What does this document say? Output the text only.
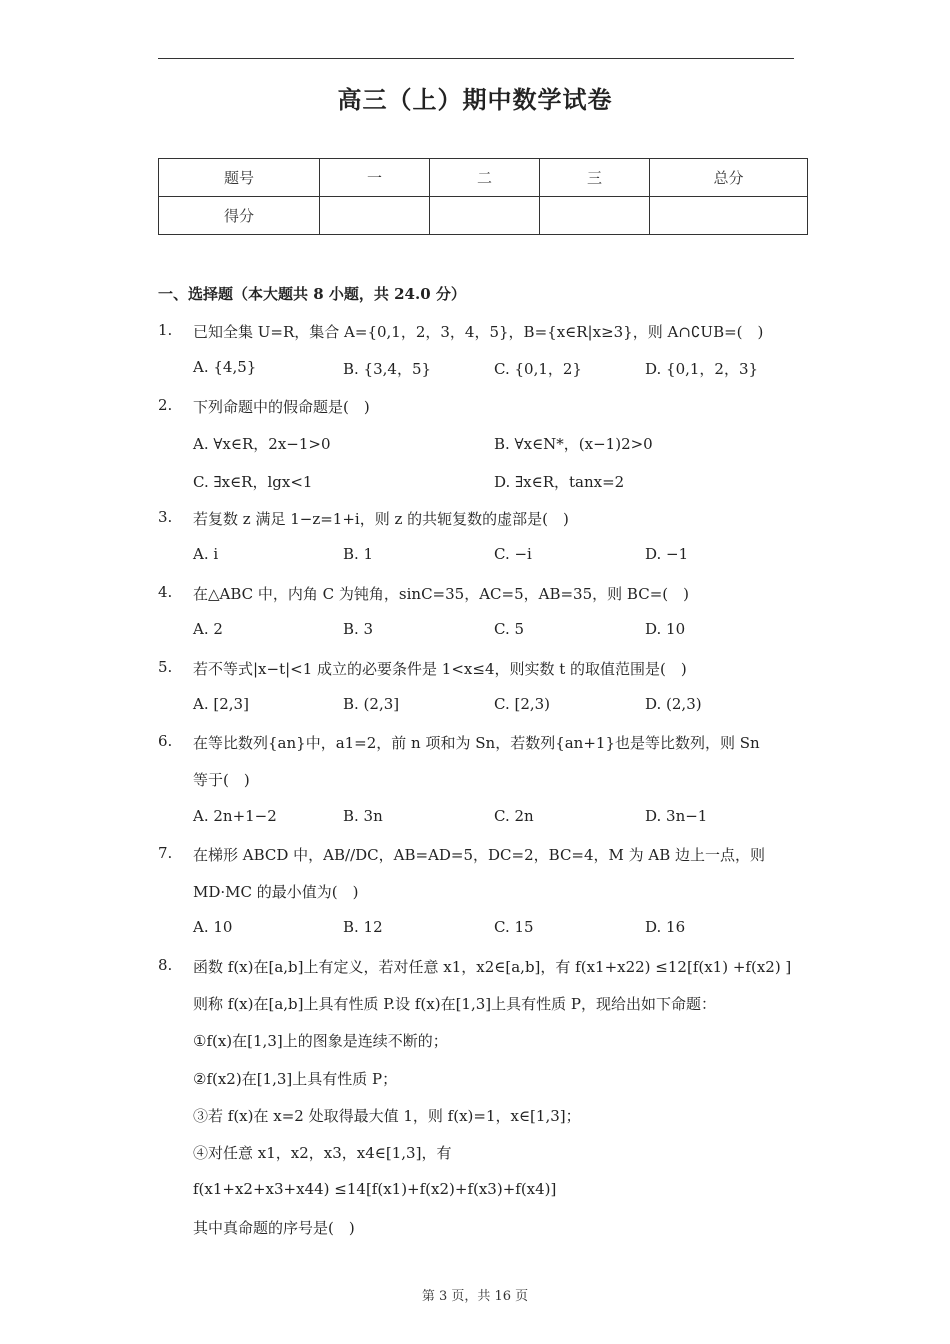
高三（上）期中数学试卷
题号	一	二	三	总分
得分				
一、选择题（本大题共 8 小题，共 24.0 分）
1.	已知全集 U=R，集合 A={0,1，2，3，4，5}，B={x∈R|x≥3}，则 A∩∁UB=(　)
A. {4,5}	B. {3,4，5}	C. {0,1，2}	D. {0,1，2，3}
2.	下列命题中的假命题是(　)
A. ∀x∈R，2x−1>0	B. ∀x∈N*，(x−1)2>0
C. ∃x∈R，lgx<1	D. ∃x∈R，tanx=2
3.	若复数 z 满足 1−z=1+i，则 z 的共轭复数的虚部是(　)
A. i	B. 1	C. −i	D. −1
4.	在△ABC 中，内角 C 为钝角，sinC=35，AC=5，AB=35，则 BC=(　)
A. 2	B. 3	C. 5	D. 10
5.	若不等式|x−t|<1 成立的必要条件是 1<x≤4，则实数 t 的取值范围是(　)
A. [2,3]	B. (2,3]	C. [2,3)	D. (2,3)
6.	在等比数列{an}中，a1=2，前 n 项和为 Sn，若数列{an+1}也是等比数列，则 Sn
等于(　)
A. 2n+1−2	B. 3n	C. 2n	D. 3n−1
7.	在梯形 ABCD 中，AB//DC，AB=AD=5，DC=2，BC=4，M 为 AB 边上一点，则
MD·MC 的最小值为(　)
A. 10	B. 12	C. 15	D. 16
8.	函数 f(x)在[a,b]上有定义，若对任意 x1，x2∈[a,b]，有 f(x1+x22) ≤12[f(x1) +f(x2) ]
则称 f(x)在[a,b]上具有性质 P.设 f(x)在[1,3]上具有性质 P，现给出如下命题：
①f(x)在[1,3]上的图象是连续不断的；
②f(x2)在[1,3]上具有性质 P；
③若 f(x)在 x=2 处取得最大值 1，则 f(x)=1，x∈[1,3]；
④对任意 x1，x2，x3，x4∈[1,3]，有
f(x1+x2+x3+x44) ≤14[f(x1)+f(x2)+f(x3)+f(x4)]
其中真命题的序号是(　)
第 3 页，共 16 页
